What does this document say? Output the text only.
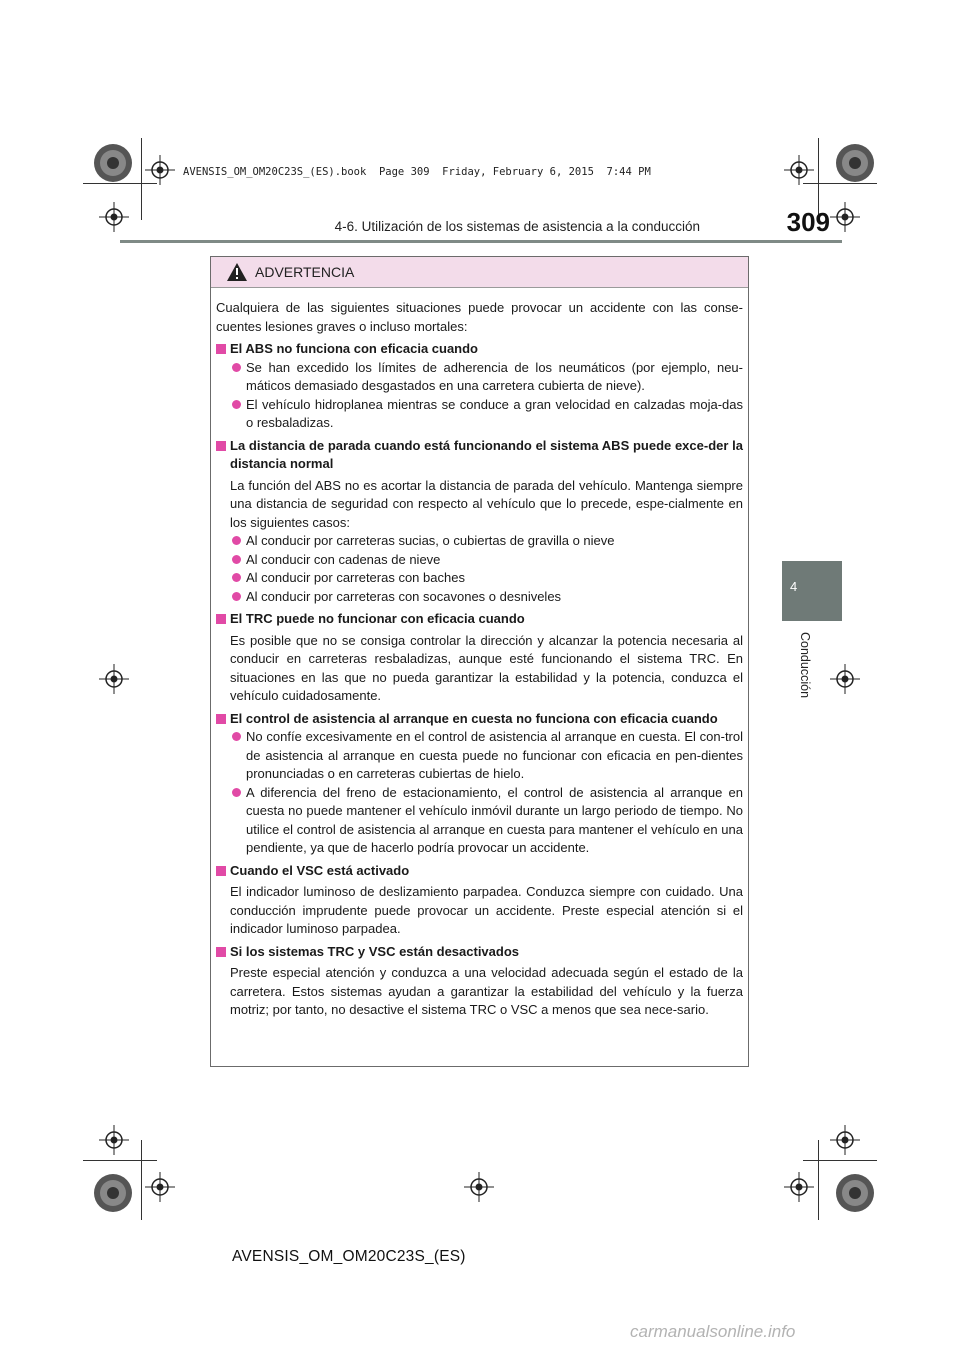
AVENSIS_OM_OM20C23S_(ES).book  Page 309  Friday, February 6, 2015  7:44 PM
4-6. Utilización de los sistemas de asistencia a la conducción	309
4
Conducción
ADVERTENCIA

Cualquiera de las siguientes situaciones puede provocar un accidente con las conse-cuentes lesiones graves o incluso mortales:

El ABS no funciona con eficacia cuando

Se han excedido los límites de adherencia de los neumáticos (por ejemplo, neu-máticos demasiado desgastados en una carretera cubierta de nieve).

El vehículo hidroplanea mientras se conduce a gran velocidad en calzadas moja-das o resbaladizas.

La distancia de parada cuando está funcionando el sistema ABS puede exce-der la distancia normal

La función del ABS no es acortar la distancia de parada del vehículo. Mantenga siempre una distancia de seguridad con respecto al vehículo que lo precede, espe-cialmente en los siguientes casos:

Al conducir por carreteras sucias, o cubiertas de gravilla o nieve

Al conducir con cadenas de nieve

Al conducir por carreteras con baches

Al conducir por carreteras con socavones o desniveles

El TRC puede no funcionar con eficacia cuando

Es posible que no se consiga controlar la dirección y alcanzar la potencia necesaria al conducir en carreteras resbaladizas, aunque esté funcionando el sistema TRC. En situaciones en las que no pueda garantizar la estabilidad y la potencia, conduzca el vehículo cuidadosamente.

El control de asistencia al arranque en cuesta no funciona con eficacia cuando

No confíe excesivamente en el control de asistencia al arranque en cuesta. El con-trol de asistencia al arranque en cuesta puede no funcionar con eficacia en pen-dientes pronunciadas o en carreteras cubiertas de hielo.

A diferencia del freno de estacionamiento, el control de asistencia al arranque en cuesta no puede mantener el vehículo inmóvil durante un largo periodo de tiempo. No utilice el control de asistencia al arranque en cuesta para mantener el vehículo en una pendiente, ya que de hacerlo podría provocar un accidente.

Cuando el VSC está activado

El indicador luminoso de deslizamiento parpadea. Conduzca siempre con cuidado. Una conducción imprudente puede provocar un accidente. Preste especial atención si el indicador luminoso parpadea.

Si los sistemas TRC y VSC están desactivados

Preste especial atención y conduzca a una velocidad adecuada según el estado de la carretera. Estos sistemas ayudan a garantizar la estabilidad del vehículo y la fuerza motriz; por tanto, no desactive el sistema TRC o VSC a menos que sea nece-sario.

AVENSIS_OM_OM20C23S_(ES)
carmanualsonline.info
